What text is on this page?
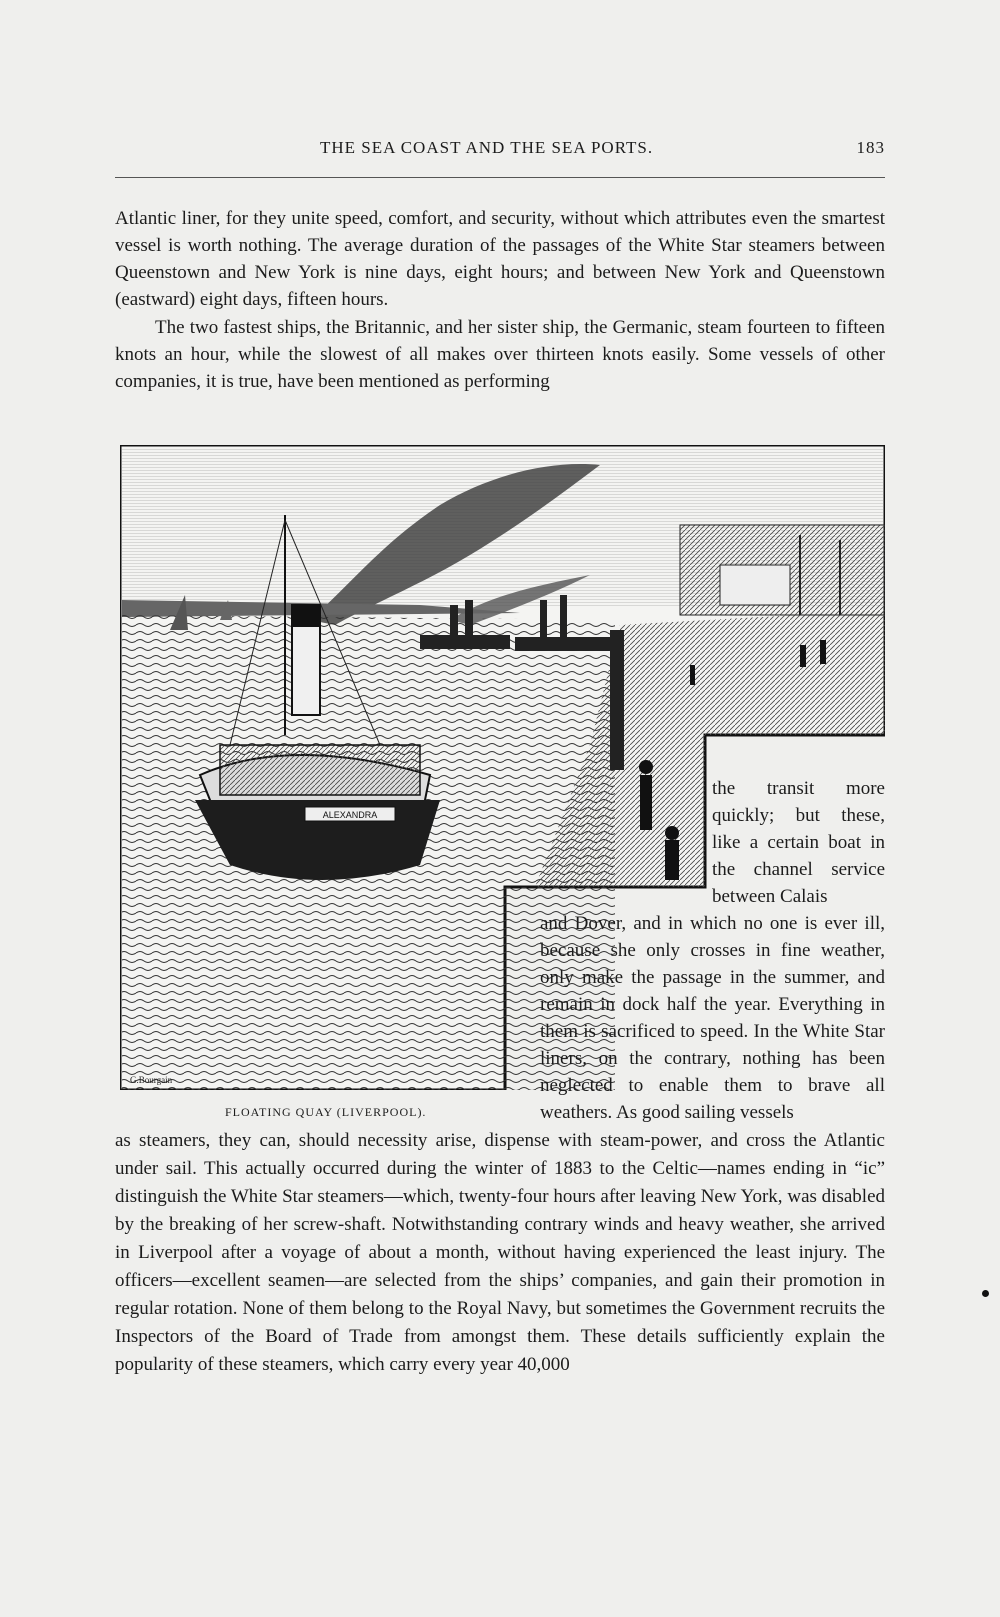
THE SEA COAST AND THE SEA PORTS.	183

Atlantic liner, for they unite speed, comfort, and security, without which attributes even the smartest vessel is worth nothing. The average duration of the passages of the White Star steamers between Queenstown and New York is nine days, eight hours; and between New York and Queenstown (eastward) eight days, fifteen hours.

The two fastest ships, the Britannic, and her sister ship, the Germanic, steam fourteen to fifteen knots an hour, while the slowest of all makes over thirteen knots easily. Some vessels of other companies, it is true, have been mentioned as performing

ALEXANDRA
G.Bourgain

the transit more quickly; but these, like a certain boat in the channel service between Calais

and Dover, and in which no one is ever ill, because she only crosses in fine weather, only make the passage in the summer, and remain in dock half the year. Everything in them is sacrificed to speed. In the White Star liners, on the contrary, nothing has been neglected to enable them to brave all weathers. As good sailing vessels

FLOATING QUAY (LIVERPOOL).

as steamers, they can, should necessity arise, dispense with steam-power, and cross the Atlantic under sail. This actually occurred during the winter of 1883 to the Celtic—names ending in “ic” distinguish the White Star steamers—which, twenty-four hours after leaving New York, was disabled by the breaking of her screw-shaft. Notwithstanding contrary winds and heavy weather, she arrived in Liverpool after a voyage of about a month, without having experienced the least injury. The officers—excellent seamen—are selected from the ships’ companies, and gain their promotion in regular rotation. None of them belong to the Royal Navy, but sometimes the Government recruits the Inspectors of the Board of Trade from amongst them. These details sufficiently explain the popularity of these steamers, which carry every year 40,000
